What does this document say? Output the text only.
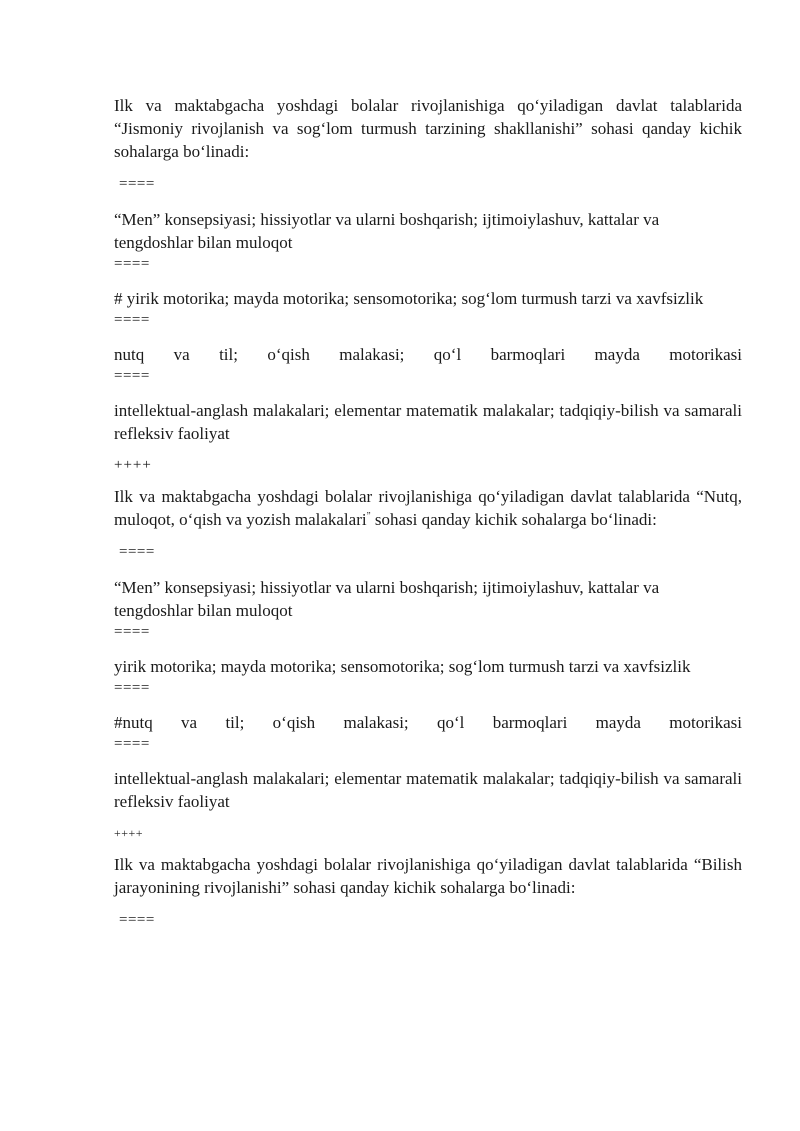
Ilk va maktabgacha yoshdagi bolalar rivojlanishiga qo‘yiladigan davlat talablarida “Jismoniy rivojlanish va sog‘lom turmush tarzining shakllanishi” sohasi qanday kichik sohalarga bo‘linadi:

====

“Men” konsepsiyasi; hissiyotlar va ularni boshqarish; ijtimoiylashuv, kattalar va tengdoshlar bilan muloqot

====

# yirik motorika; mayda motorika; sensomotorika; sog‘lom turmush tarzi va xavfsizlik

====

nutq va til; o‘qish malakasi; qo‘l barmoqlari mayda motorikasi

====

intellektual-anglash malakalari; elementar matematik malakalar; tadqiqiy-bilish va samarali refleksiv faoliyat

++++

Ilk va maktabgacha yoshdagi bolalar rivojlanishiga qo‘yiladigan davlat talablarida “Nutq, muloqot, o‘qish va yozish malakalari” sohasi qanday kichik sohalarga bo‘linadi:

====

“Men” konsepsiyasi; hissiyotlar va ularni boshqarish; ijtimoiylashuv, kattalar va tengdoshlar bilan muloqot

====

yirik motorika; mayda motorika; sensomotorika; sog‘lom turmush tarzi va xavfsizlik

====

#nutq va til; o‘qish malakasi; qo‘l barmoqlari mayda motorikasi

====

intellektual-anglash malakalari; elementar matematik malakalar; tadqiqiy-bilish va samarali refleksiv faoliyat

++++

Ilk va maktabgacha yoshdagi bolalar rivojlanishiga qo‘yiladigan davlat talablarida “Bilish jarayonining rivojlanishi” sohasi qanday kichik sohalarga bo‘linadi:

====
